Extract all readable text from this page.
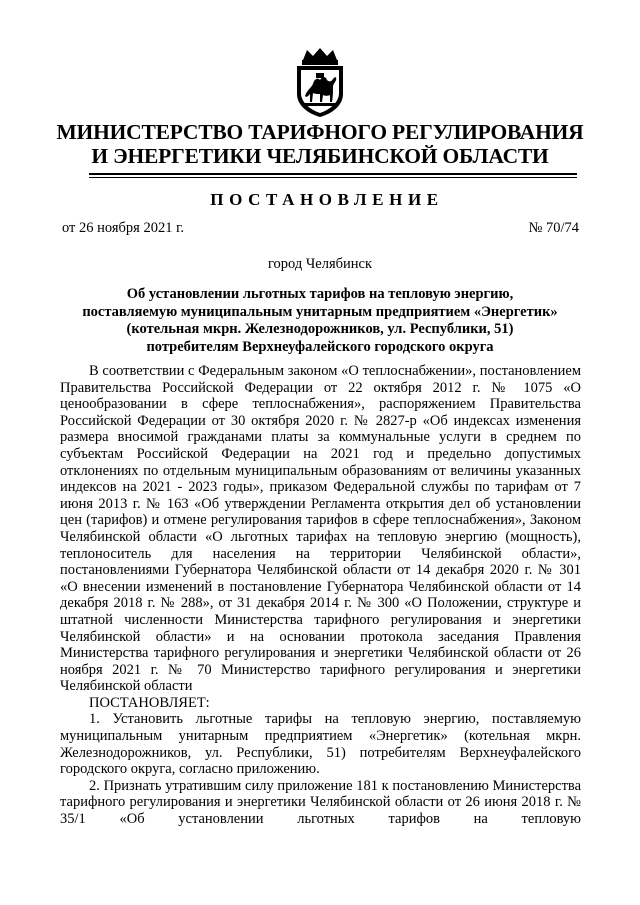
МИНИСТЕРСТВО ТАРИФНОГО РЕГУЛИРОВАНИЯ
И ЭНЕРГЕТИКИ ЧЕЛЯБИНСКОЙ ОБЛАСТИ
ПОСТАНОВЛЕНИЕ
от 26 ноября 2021 г.	№ 70/74
город Челябинск
Об установлении льготных тарифов на тепловую энергию,
поставляемую муниципальным унитарным предприятием «Энергетик»
(котельная мкрн. Железнодорожников, ул. Республики, 51)
потребителям Верхнеуфалейского городского округа

В соответствии с Федеральным законом «О теплоснабжении», постановлением Правительства Российской Федерации от 22 октября 2012 г. № 1075 «О ценообразовании в сфере теплоснабжения», распоряжением Правительства Российской Федерации от 30 октября 2020 г. № 2827-р «Об индексах изменения размера вносимой гражданами платы за коммунальные услуги в среднем по субъектам Российской Федерации на 2021 год и предельно допустимых отклонениях по отдельным муниципальным образованиям от величины указанных индексов на 2021 - 2023 годы», приказом Федеральной службы по тарифам от 7 июня 2013 г. № 163 «Об утверждении Регламента открытия дел об установлении цен (тарифов) и отмене регулирования тарифов в сфере теплоснабжения», Законом Челябинской области «О льготных тарифах на тепловую энергию (мощность), теплоноситель для населения на территории Челябинской области», постановлениями Губернатора Челябинской области от 14 декабря 2020 г. № 301 «О внесении изменений в постановление Губернатора Челябинской области от 14 декабря 2018 г. № 288», от 31 декабря 2014 г. № 300 «О Положении, структуре и штатной численности Министерства тарифного регулирования и энергетики Челябинской области» и на основании протокола заседания Правления Министерства тарифного регулирования и энергетики Челябинской области от 26 ноября 2021 г. № 70 Министерство тарифного регулирования и энергетики Челябинской области

ПОСТАНОВЛЯЕТ:

1. Установить льготные тарифы на тепловую энергию, поставляемую муниципальным унитарным предприятием «Энергетик» (котельная мкрн. Железнодорожников, ул. Республики, 51) потребителям Верхнеуфалейского городского округа, согласно приложению.

2. Признать утратившим силу приложение 181 к постановлению Министерства тарифного регулирования и энергетики Челябинской области от 26 июня 2018 г. № 35/1 «Об установлении льготных тарифов на тепловую
